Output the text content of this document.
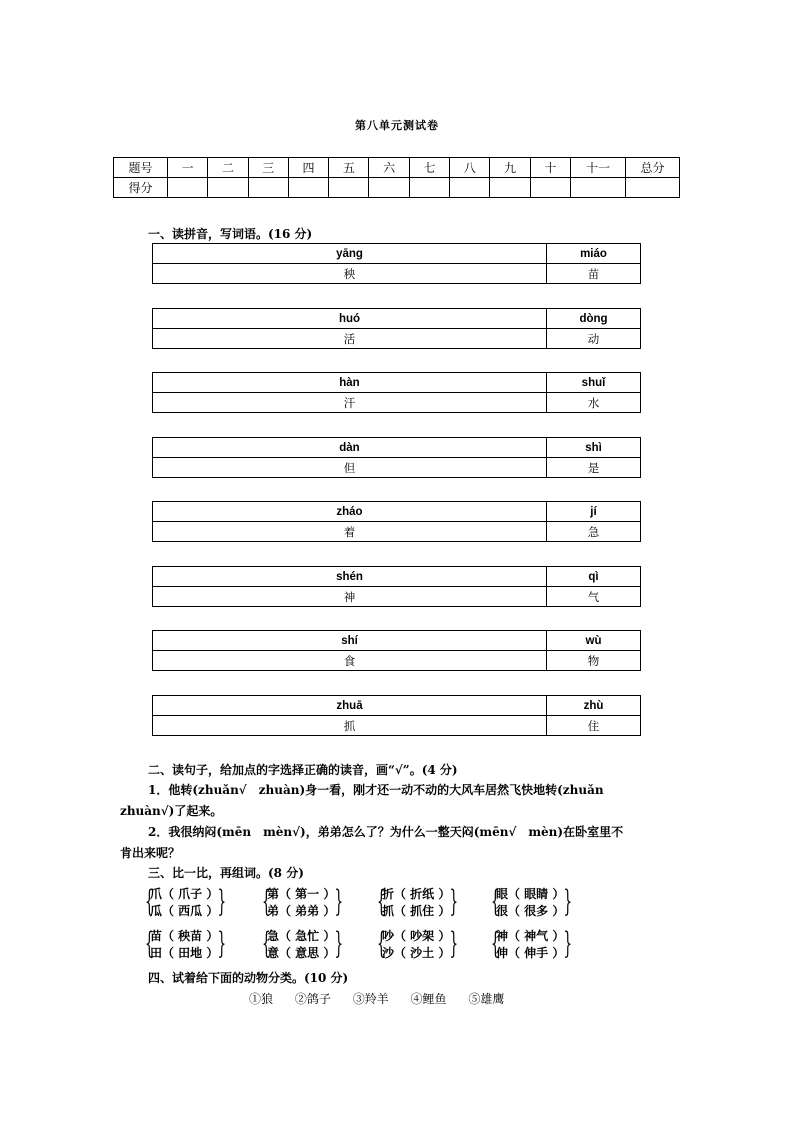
第八单元测试卷
题号	一	二	三	四	五	六	七	八	九	十	十一	总分
得分												
一、读拼音，写词语。(16 分)
yāng	miáo
秧	苗
huó	dòng
活	动
hàn	shuǐ
汗	水
dàn	shì
但	是
zháo	jí
着	急
shén	qì
神	气
shí	wù
食	物
zhuā	zhù
抓	住
二、读句子，给加点的字选择正确的读音，画“√”。(4 分)
1．他转(zhuǎn√　zhuàn)身一看，刚才还一动不动的大风车居然飞快地转(zhuǎn
zhuàn√)了起来。
2．我很纳闷(mēn　mèn√)，弟弟怎么了？为什么一整天闷(mēn√　mèn)在卧室里不
肯出来呢？
三、比一比，再组词。(8 分)
{
爪（ 爪子 ）
瓜（ 西瓜 ） } {
第（ 第一 ）
弟（ 弟弟 ） } {
折（ 折纸 ）
抓（ 抓住 ） } {
眼（ 眼睛 ）
很（ 很多 ） }
{
苗（ 秧苗 ）
田（ 田地 ） } {
急（ 急忙 ）
意（ 意思 ） } {
吵（ 吵架 ）
沙（ 沙土 ） } {
神（ 神气 ）
伸（ 伸手 ） }
四、试着给下面的动物分类。(10 分)
①狼 ②鸽子 ③羚羊 ④鲤鱼 ⑤雄鹰
